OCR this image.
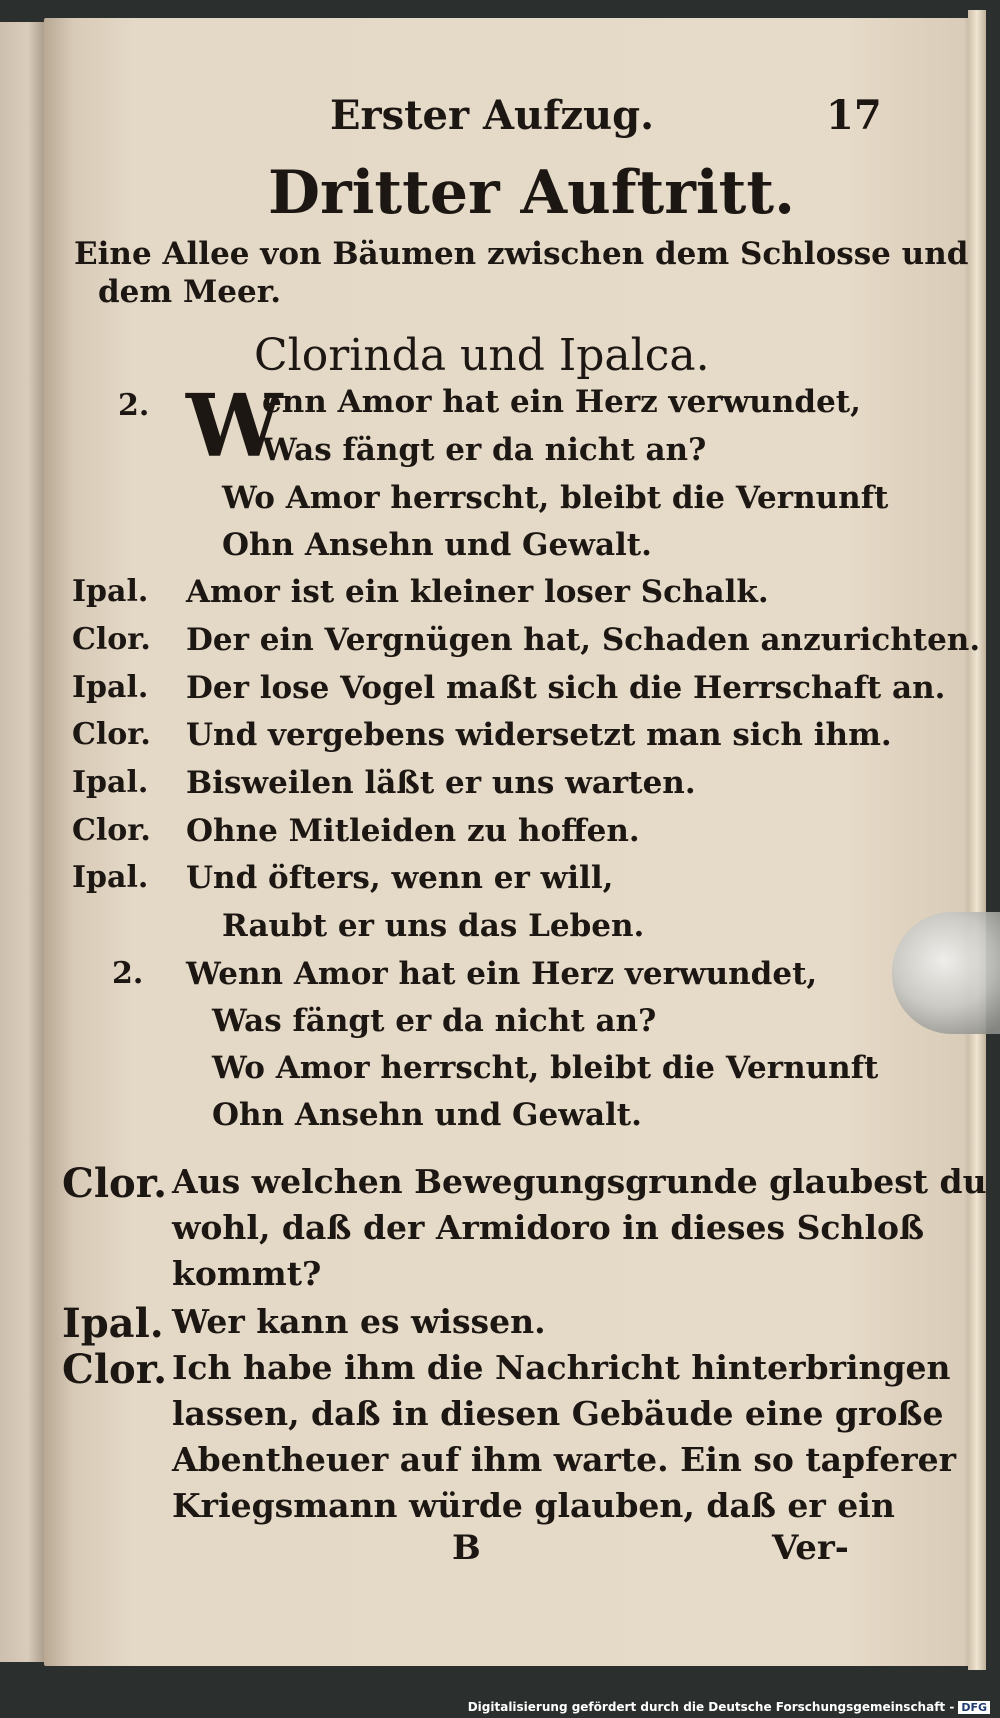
Erster Aufzug.	17
Dritter Auftritt.
Eine Allee von Bäumen zwischen dem Schlosse und
dem Meer.
Clorinda und Ipalca.
2. W
enn Amor hat ein Herz verwundet,
Was fängt er da nicht an?
Wo Amor herrscht, bleibt die Vernunft
Ohn Ansehn und Gewalt.
Ipal. Amor ist ein kleiner loser Schalk.
Clor. Der ein Vergnügen hat, Schaden anzurichten.
Ipal. Der lose Vogel maßt sich die Herrschaft an.
Clor. Und vergebens widersetzt man sich ihm.
Ipal. Bisweilen läßt er uns warten.
Clor. Ohne Mitleiden zu hoffen.
Ipal. Und öfters, wenn er will,
Raubt er uns das Leben.
2. Wenn Amor hat ein Herz verwundet,
Was fängt er da nicht an?
Wo Amor herrscht, bleibt die Vernunft
Ohn Ansehn und Gewalt.
Clor. Aus welchen Bewegungsgrunde glaubest du
wohl, daß der Armidoro in dieses Schloß
kommt?
Ipal. Wer kann es wissen.
Clor. Ich habe ihm die Nachricht hinterbringen
lassen, daß in diesen Gebäude eine große
Abentheuer auf ihm warte. Ein so tapferer
Kriegsmann würde glauben, daß er ein
B	Ver-
Digitalisierung gefördert durch die Deutsche Forschungsgemeinschaft - DFG
